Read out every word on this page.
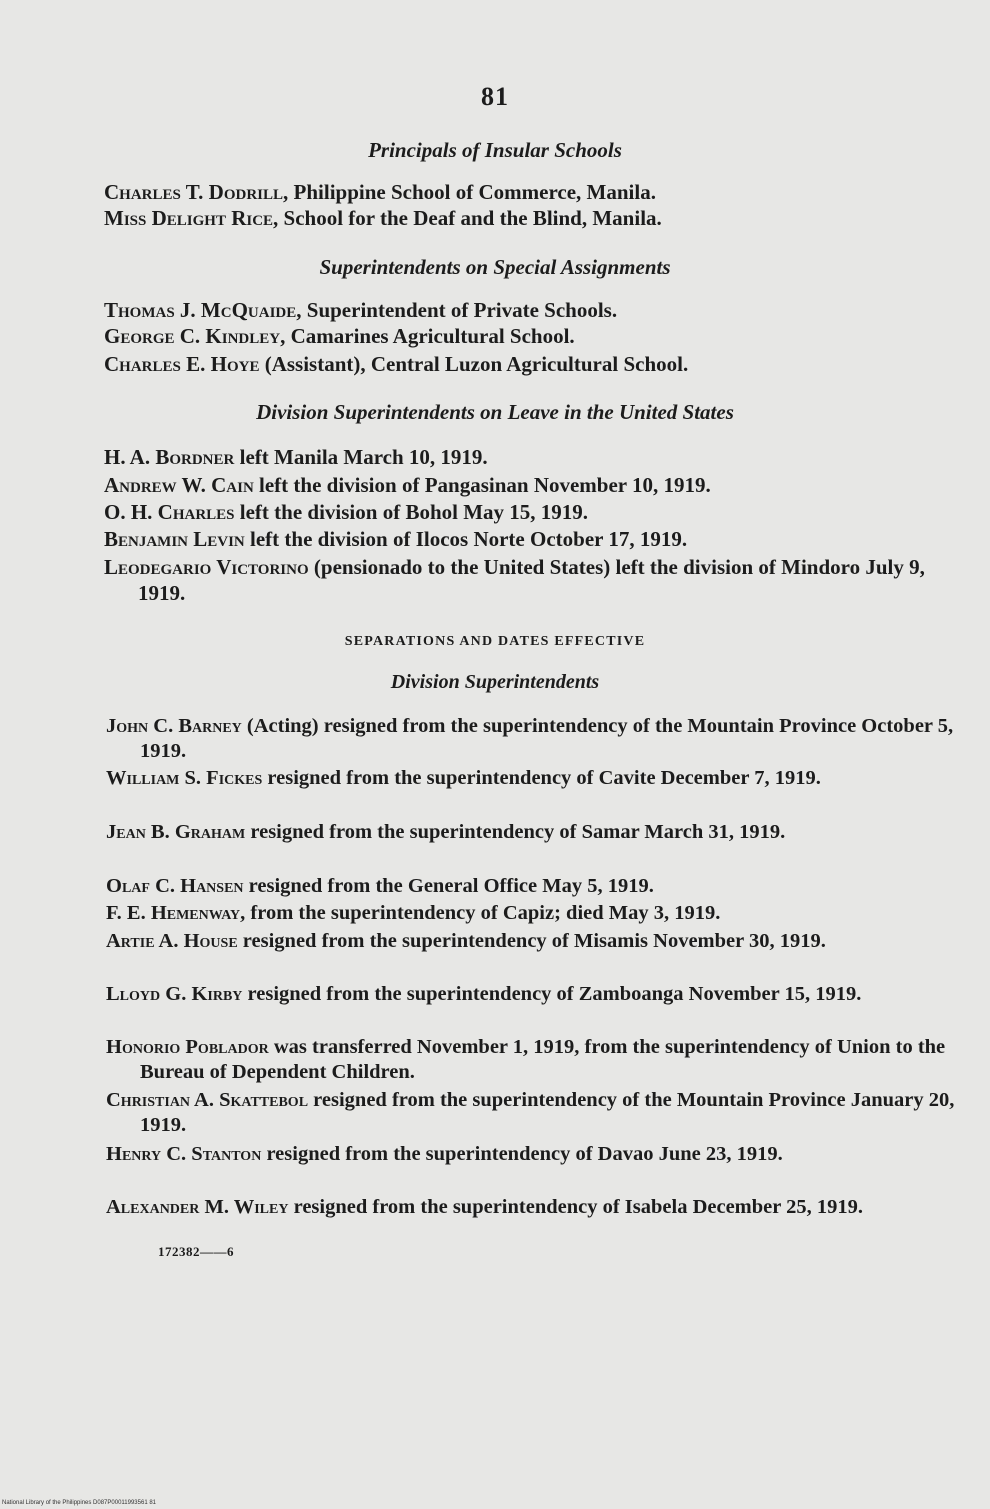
81
Principals of Insular Schools
Charles T. Dodrill, Philippine School of Commerce, Manila.
Miss Delight Rice, School for the Deaf and the Blind, Manila.
Superintendents on Special Assignments
Thomas J. McQuaide, Superintendent of Private Schools.
George C. Kindley, Camarines Agricultural School.
Charles E. Hoye (Assistant), Central Luzon Agricultural School.
Division Superintendents on Leave in the United States
H. A. Bordner left Manila March 10, 1919.
Andrew W. Cain left the division of Pangasinan November 10, 1919.
O. H. Charles left the division of Bohol May 15, 1919.
Benjamin Levin left the division of Ilocos Norte October 17, 1919.
Leodegario Victorino (pensionado to the United States) left the division of Mindoro July 9, 1919.
SEPARATIONS AND DATES EFFECTIVE
Division Superintendents
John C. Barney (Acting) resigned from the superintendency of the Mountain Province October 5, 1919.
William S. Fickes resigned from the superintendency of Cavite December 7, 1919.
Jean B. Graham resigned from the superintendency of Samar March 31, 1919.
Olaf C. Hansen resigned from the General Office May 5, 1919.
F. E. Hemenway, from the superintendency of Capiz; died May 3, 1919.
Artie A. House resigned from the superintendency of Misamis November 30, 1919.
Lloyd G. Kirby resigned from the superintendency of Zamboanga November 15, 1919.
Honorio Poblador was transferred November 1, 1919, from the superintendency of Union to the Bureau of Dependent Children.
Christian A. Skattebol resigned from the superintendency of the Mountain Province January 20, 1919.
Henry C. Stanton resigned from the superintendency of Davao June 23, 1919.
Alexander M. Wiley resigned from the superintendency of Isabela December 25, 1919.
172382——6
National Library of the Philippines D087P00011993561 81
